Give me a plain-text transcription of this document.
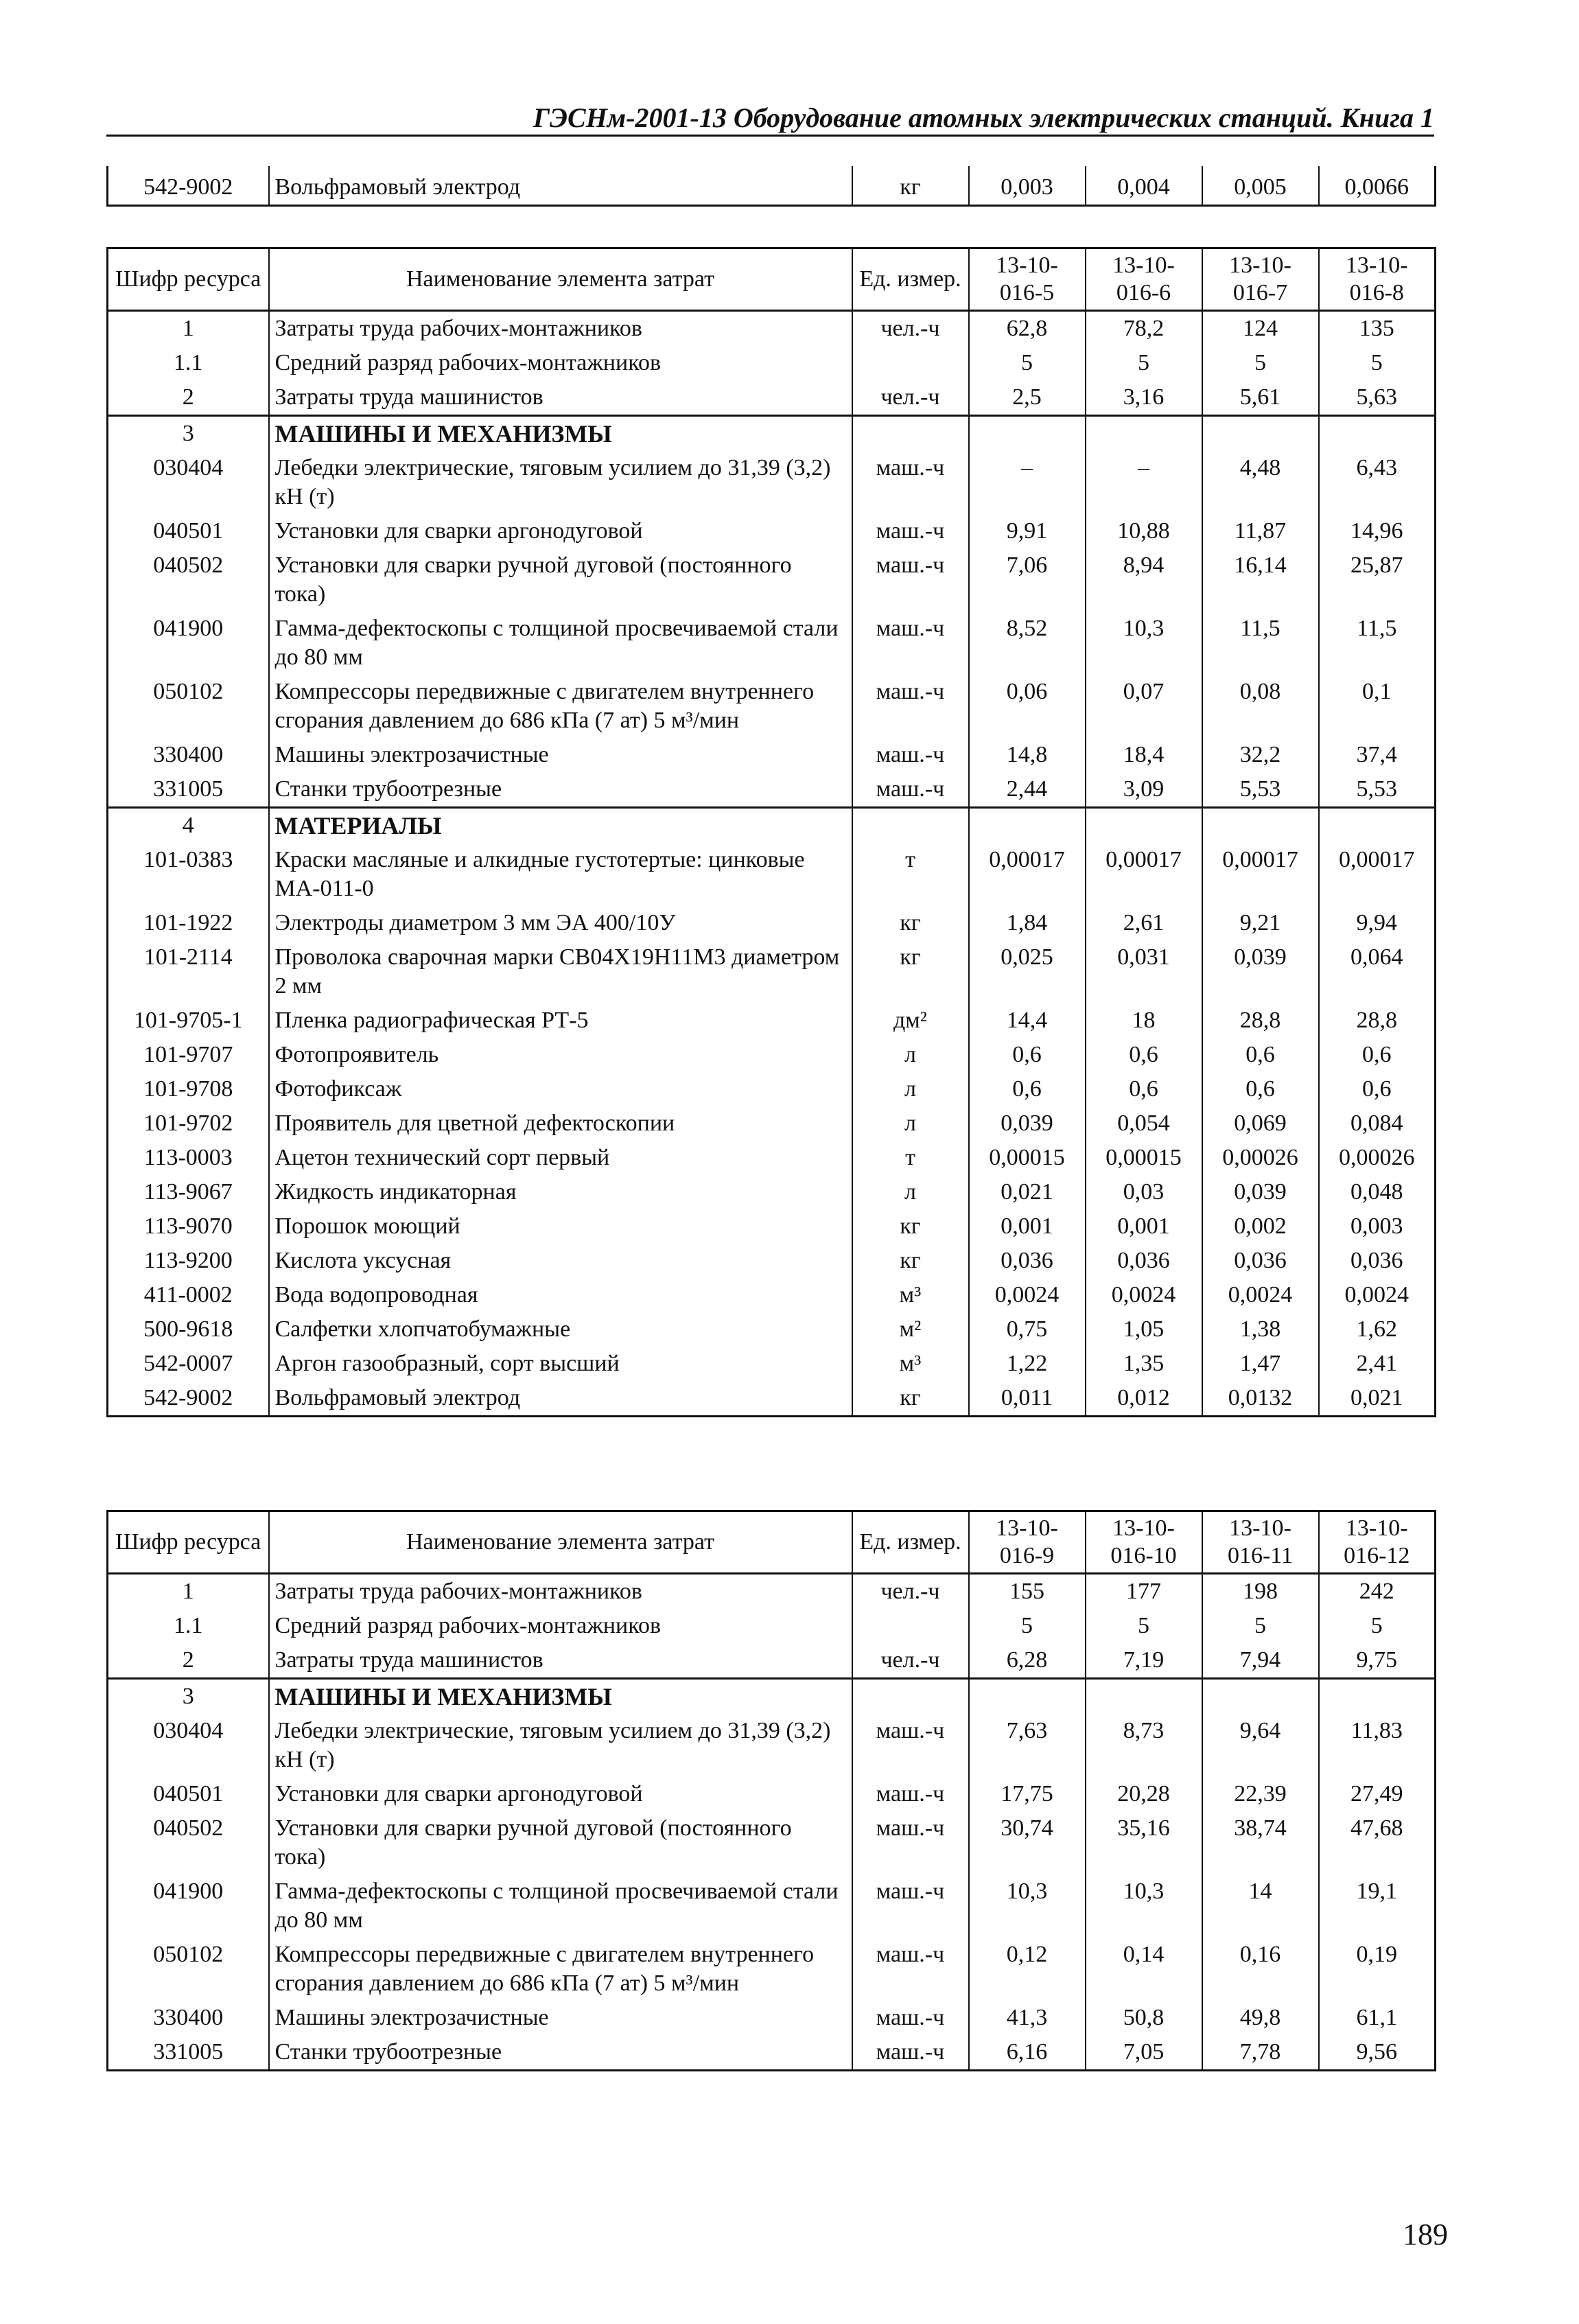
ГЭСНм-2001-13 Оборудование атомных электрических станций. Книга 1
542-9002	Вольфрамовый электрод	кг	0,003	0,004	0,005	0,0066
Шифр ресурса	Наименование элемента затрат	Ед. измер.	13-10-016-5	13-10-016-6	13-10-016-7	13-10-016-8
1	Затраты труда рабочих-монтажников	чел.-ч	62,8	78,2	124	135
1.1	Средний разряд рабочих-монтажников		5	5	5	5
2	Затраты труда машинистов	чел.-ч	2,5	3,16	5,61	5,63
3	МАШИНЫ И МЕХАНИЗМЫ					
030404	Лебедки электрические, тяговым усилием до 31,39 (3,2) кН (т)	маш.-ч	–	–	4,48	6,43
040501	Установки для сварки аргонодуговой	маш.-ч	9,91	10,88	11,87	14,96
040502	Установки для сварки ручной дуговой (постоянного тока)	маш.-ч	7,06	8,94	16,14	25,87
041900	Гамма-дефектоскопы с толщиной просвечиваемой стали до 80 мм	маш.-ч	8,52	10,3	11,5	11,5
050102	Компрессоры передвижные с двигателем внутреннего сгорания давлением до 686 кПа (7 ат) 5 м³/мин	маш.-ч	0,06	0,07	0,08	0,1
330400	Машины электрозачистные	маш.-ч	14,8	18,4	32,2	37,4
331005	Станки трубоотрезные	маш.-ч	2,44	3,09	5,53	5,53
4	МАТЕРИАЛЫ					
101-0383	Краски масляные и алкидные густотертые: цинковые МА-011-0	т	0,00017	0,00017	0,00017	0,00017
101-1922	Электроды диаметром 3 мм ЭА 400/10У	кг	1,84	2,61	9,21	9,94
101-2114	Проволока сварочная марки СВ04Х19Н11М3 диаметром 2 мм	кг	0,025	0,031	0,039	0,064
101-9705-1	Пленка радиографическая РТ-5	дм²	14,4	18	28,8	28,8
101-9707	Фотопроявитель	л	0,6	0,6	0,6	0,6
101-9708	Фотофиксаж	л	0,6	0,6	0,6	0,6
101-9702	Проявитель для цветной дефектоскопии	л	0,039	0,054	0,069	0,084
113-0003	Ацетон технический сорт первый	т	0,00015	0,00015	0,00026	0,00026
113-9067	Жидкость индикаторная	л	0,021	0,03	0,039	0,048
113-9070	Порошок моющий	кг	0,001	0,001	0,002	0,003
113-9200	Кислота уксусная	кг	0,036	0,036	0,036	0,036
411-0002	Вода водопроводная	м³	0,0024	0,0024	0,0024	0,0024
500-9618	Салфетки хлопчатобумажные	м²	0,75	1,05	1,38	1,62
542-0007	Аргон газообразный, сорт высший	м³	1,22	1,35	1,47	2,41
542-9002	Вольфрамовый электрод	кг	0,011	0,012	0,0132	0,021
Шифр ресурса	Наименование элемента затрат	Ед. измер.	13-10-016-9	13-10-016-10	13-10-016-11	13-10-016-12
1	Затраты труда рабочих-монтажников	чел.-ч	155	177	198	242
1.1	Средний разряд рабочих-монтажников		5	5	5	5
2	Затраты труда машинистов	чел.-ч	6,28	7,19	7,94	9,75
3	МАШИНЫ И МЕХАНИЗМЫ					
030404	Лебедки электрические, тяговым усилием до 31,39 (3,2) кН (т)	маш.-ч	7,63	8,73	9,64	11,83
040501	Установки для сварки аргонодуговой	маш.-ч	17,75	20,28	22,39	27,49
040502	Установки для сварки ручной дуговой (постоянного тока)	маш.-ч	30,74	35,16	38,74	47,68
041900	Гамма-дефектоскопы с толщиной просвечиваемой стали до 80 мм	маш.-ч	10,3	10,3	14	19,1
050102	Компрессоры передвижные с двигателем внутреннего сгорания давлением до 686 кПа (7 ат) 5 м³/мин	маш.-ч	0,12	0,14	0,16	0,19
330400	Машины электрозачистные	маш.-ч	41,3	50,8	49,8	61,1
331005	Станки трубоотрезные	маш.-ч	6,16	7,05	7,78	9,56
189
